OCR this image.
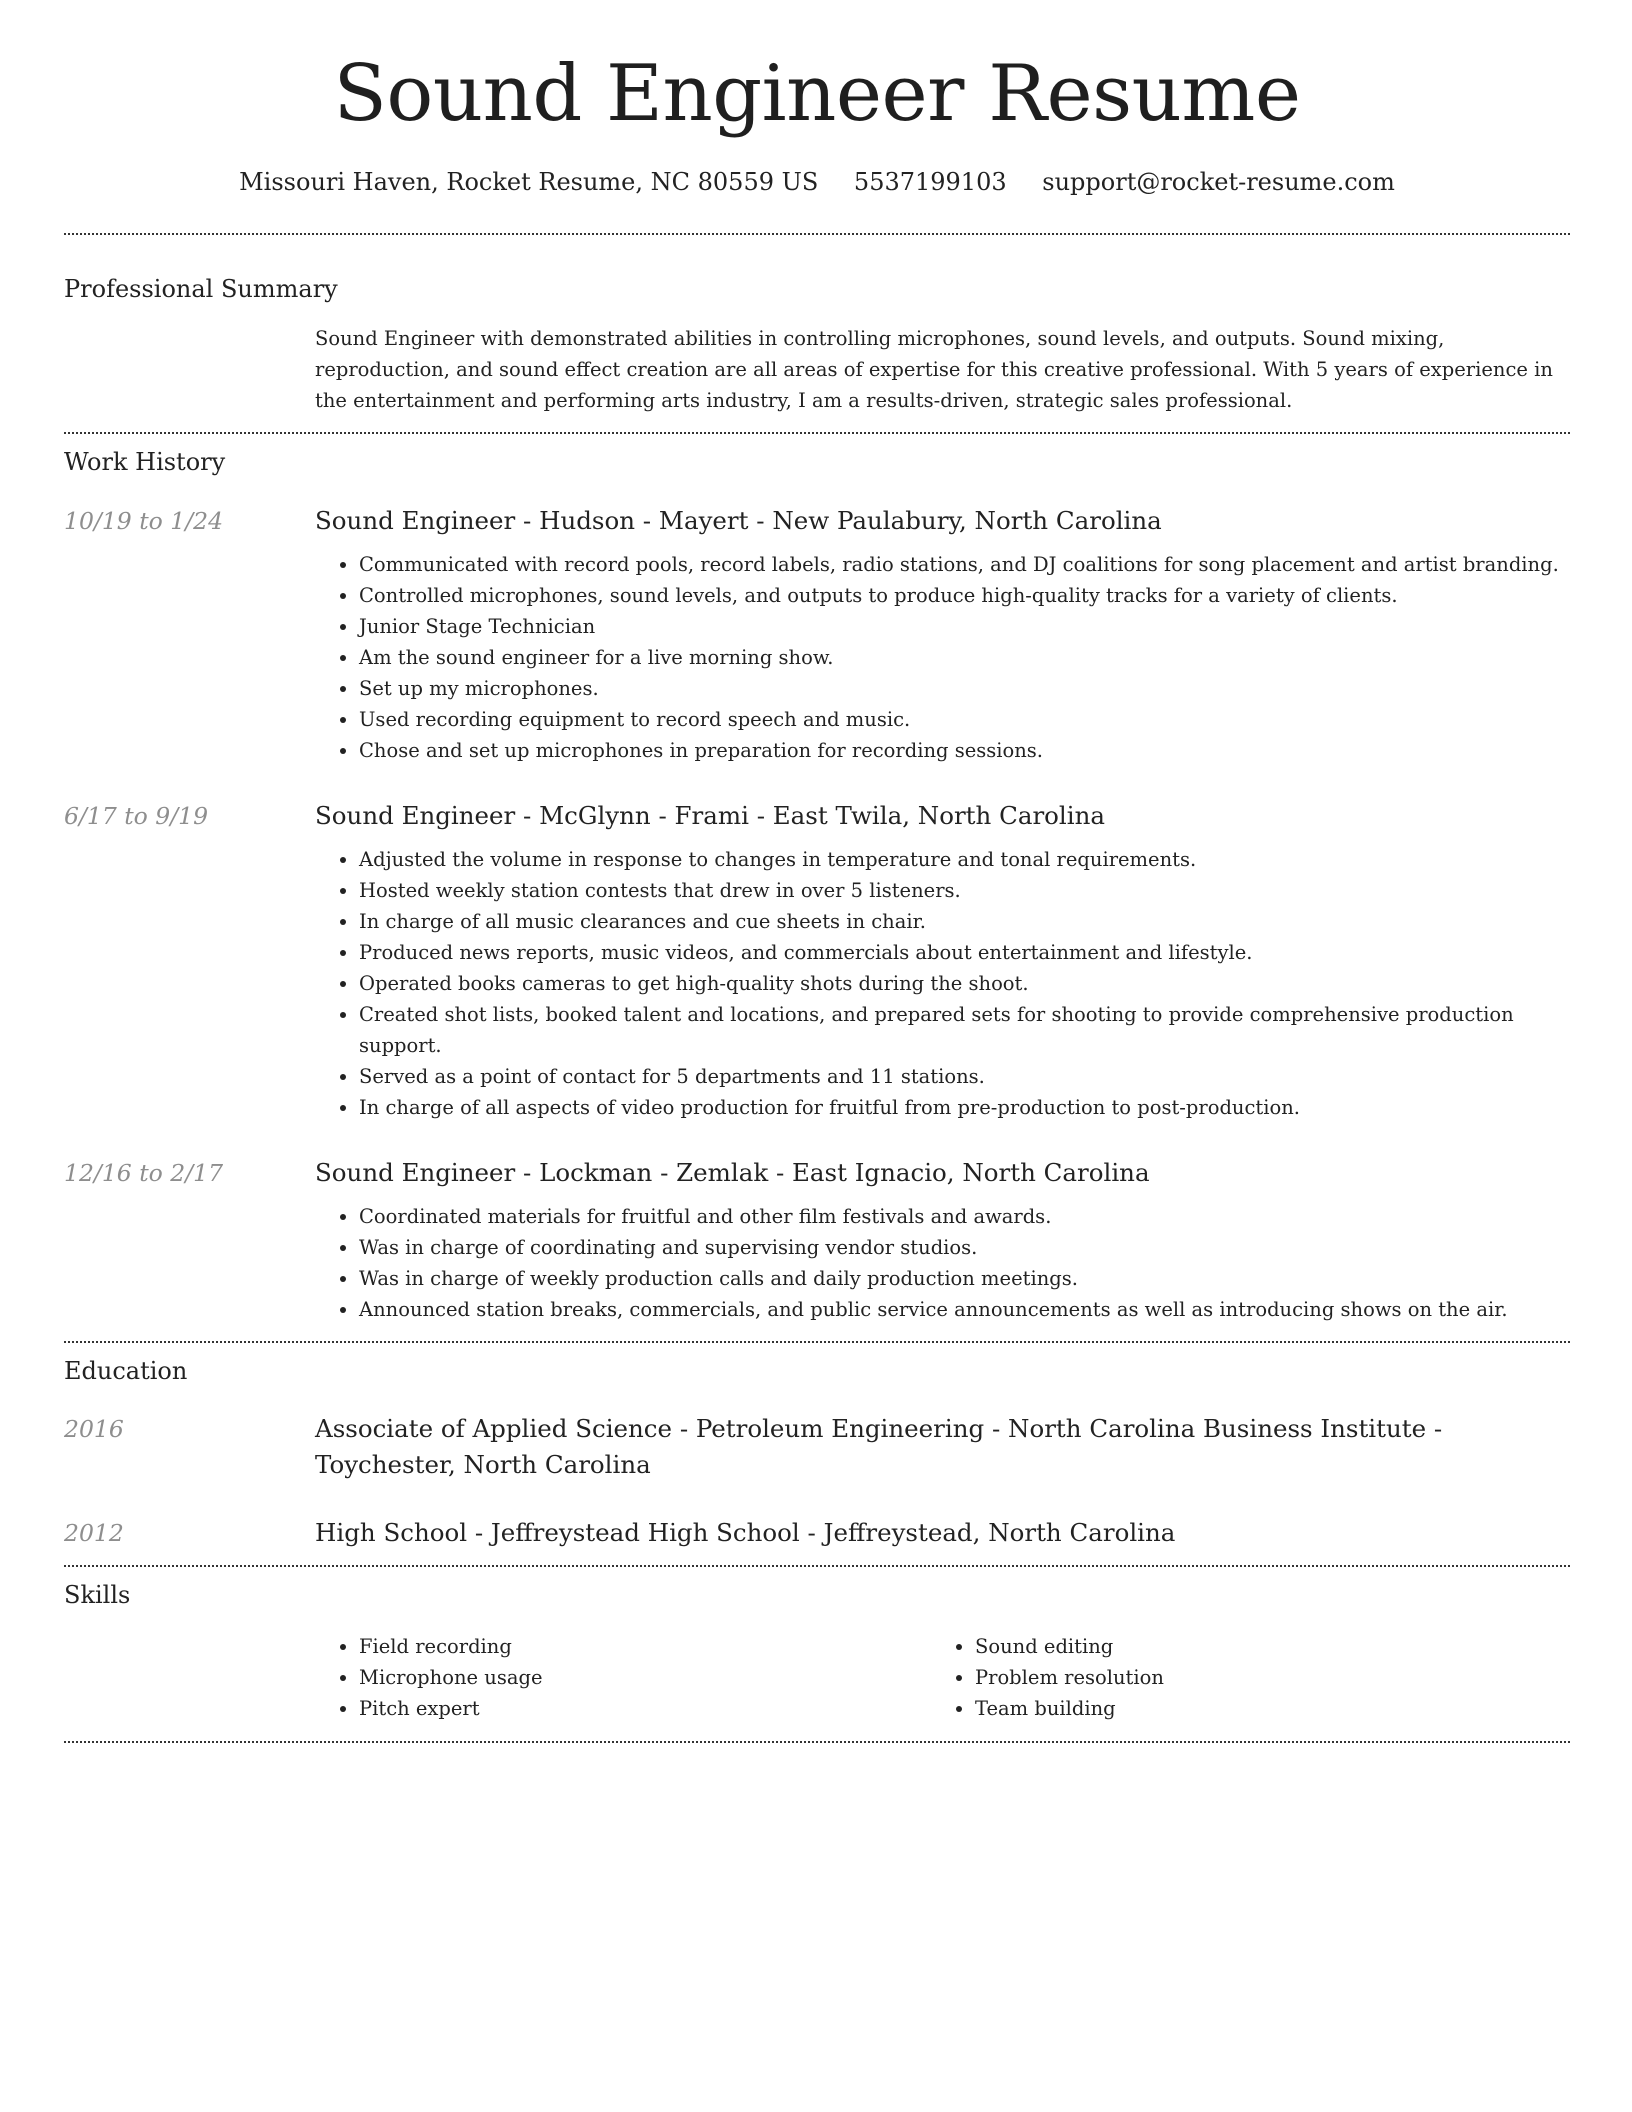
Sound Engineer Resume
Missouri Haven, Rocket Resume, NC 80559 US 5537199103 support@rocket-resume.com
Professional Summary
Sound Engineer with demonstrated abilities in controlling microphones, sound levels, and outputs. Sound mixing, reproduction, and sound effect creation are all areas of expertise for this creative professional. With 5 years of experience in the entertainment and performing arts industry, I am a results-driven, strategic sales professional.
Work History
10/19 to 1/24	Sound Engineer - Hudson - Mayert - New Paulabury, North Carolina
• Communicated with record pools, record labels, radio stations, and DJ coalitions for song placement and artist branding.
• Controlled microphones, sound levels, and outputs to produce high-quality tracks for a variety of clients.
• Junior Stage Technician
• Am the sound engineer for a live morning show.
• Set up my microphones.
• Used recording equipment to record speech and music.
• Chose and set up microphones in preparation for recording sessions.
6/17 to 9/19	Sound Engineer - McGlynn - Frami - East Twila, North Carolina
• Adjusted the volume in response to changes in temperature and tonal requirements.
• Hosted weekly station contests that drew in over 5 listeners.
• In charge of all music clearances and cue sheets in chair.
• Produced news reports, music videos, and commercials about entertainment and lifestyle.
• Operated books cameras to get high-quality shots during the shoot.
• Created shot lists, booked talent and locations, and prepared sets for shooting to provide comprehensive production support.
• Served as a point of contact for 5 departments and 11 stations.
• In charge of all aspects of video production for fruitful from pre-production to post-production.
12/16 to 2/17	Sound Engineer - Lockman - Zemlak - East Ignacio, North Carolina
• Coordinated materials for fruitful and other film festivals and awards.
• Was in charge of coordinating and supervising vendor studios.
• Was in charge of weekly production calls and daily production meetings.
• Announced station breaks, commercials, and public service announcements as well as introducing shows on the air.
Education
2016	Associate of Applied Science - Petroleum Engineering - North Carolina Business Institute - Toychester, North Carolina
2012	High School - Jeffreystead High School - Jeffreystead, North Carolina
Skills
• Field recording
• Microphone usage
• Pitch expert
• Sound editing
• Problem resolution
• Team building
